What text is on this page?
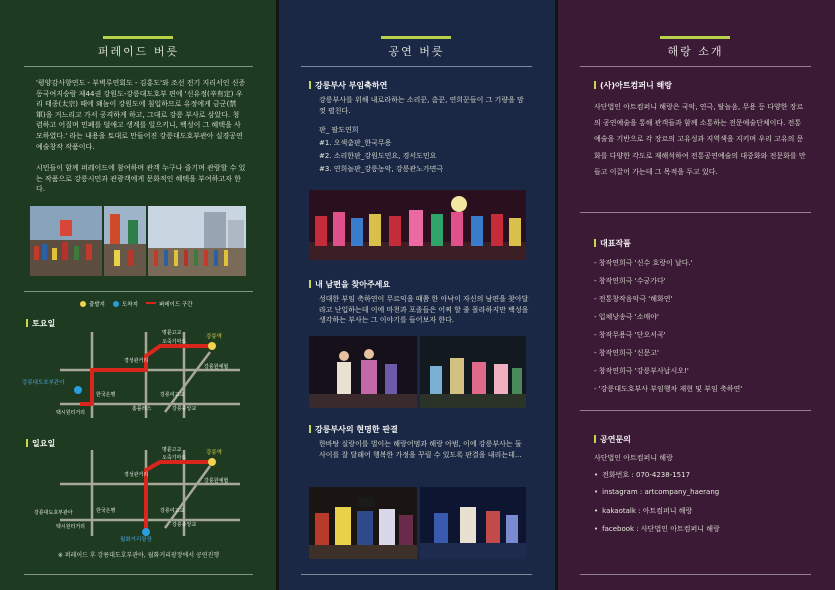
퍼레이드 버릇
'평양감사향연도 - 부벽루연회도 - 김홍도'와 조선 전기 지리서인 신증동국여지승람 제44권 강원도-강릉대도호부 편에 '신유정(辛有定) 우리 태종(太宗) 때에 왜놈이 강원도에 침입하므로 유정에게 금군(禁軍)을 거느리고 가서 공격하게 하고, 그대로 강릉 부사로 삼았다. 청렴하고 어질며 민폐를 덜애고 생계를 일으키니, 백성이 그 혜택을 사모하였다.' 라는 내용을 토대로 만들어진 강릉대도호부관아 실경공연예술창작 작품이다.
시민들이 함께 퍼레이드에 참여하며 관객 누구나 즐기며 관람할 수 있는 작품으로 강릉시민과 관광객에게 문화적인 혜택을 부여하고자 한다.
출발지	도착지	퍼레이드 구간
토요일
명륜고교
오죽기마트
강릉역
경성관거리
강릉원예협
강릉대도호부관아
한국은행	강릉여고교
택시원터거리
홈플러스	강릉중앙교
일요일
명륜고교
오죽기마트
강릉역
경성관거리
강릉원예협
강릉대도호부관아	한국은행	강릉여고교
택시원터거리	강릉중앙교
월화거리광장
※ 퍼레이드 후 강릉대도호부관아, 월화거리광장에서 공연진행
공연 버릇
강릉부사 부임축하연
강릉부사를 위해 내로라하는 소리꾼, 춤꾼, 연희꾼들이 그 기량을 맘껏 펼친다.
판_ 팔도연희
#1. 오색춤판_한국무용
#2. 소리한판_강원도민요, 경서도민요
#3. 연희놀판_강릉농악, 강릉관노가면극
내 남편을 찾아주세요
성대한 부임 축하연이 무르익을 때쯤 한 아낙이 자신의 남편을 찾아달라고 난입하는데 이에 마천과 포졸들은 어찌 할 줄 몰라하지만 백성을 생각하는 부사는 그 이야기를 들어보자 한다.
강릉부사의 현명한 판결
한바탕 실랑이를 벌이는 해랑어멈과 해랑 아범, 이에 강릉부사는 둘 사이를 잘 달래어 행복한 가정을 꾸릴 수 있도록 판결을 내리는데...
해랑 소개
(사)아트컴퍼니 해랑
사단법인 아트컴퍼니 해랑은 국악, 연극, 탈놀음, 무용 등 다양한 장르의 공연예술을 통해 관객들과 함께 소통하는 전문예술단체이다. 전통예술을 기반으로 각 장르의 고유성과 지역색을 지키며 우리 고유의 문화를 다양한 각도로 재해석하여 전통공연예술의 대중화와 전문화를 만들고 이끌어 가는데 그 목적을 두고 있다.
대표작품
- 창작연희극 '신수 호랑이 날다.'
- 창작연희극 '수궁가다'
- 전통창작음악극 '해화연'
- 입체낭송극 '소매야'
- 창작무용극 '단오서곡'
- 창작연희극 '신문고'
- 창작연희극 '강릉부사납시오!'
- '강릉대도호부사 부임행차 재현 및 부임 축하연'
공연문의
사단법인 아트컴퍼니 해랑
• 전화번호 : 070-4238-1517
• instagram : artcompany_haerang
• kakaotalk : 아트컴퍼니 해랑
• facebook : 사단법인 아트컴퍼니 해랑
